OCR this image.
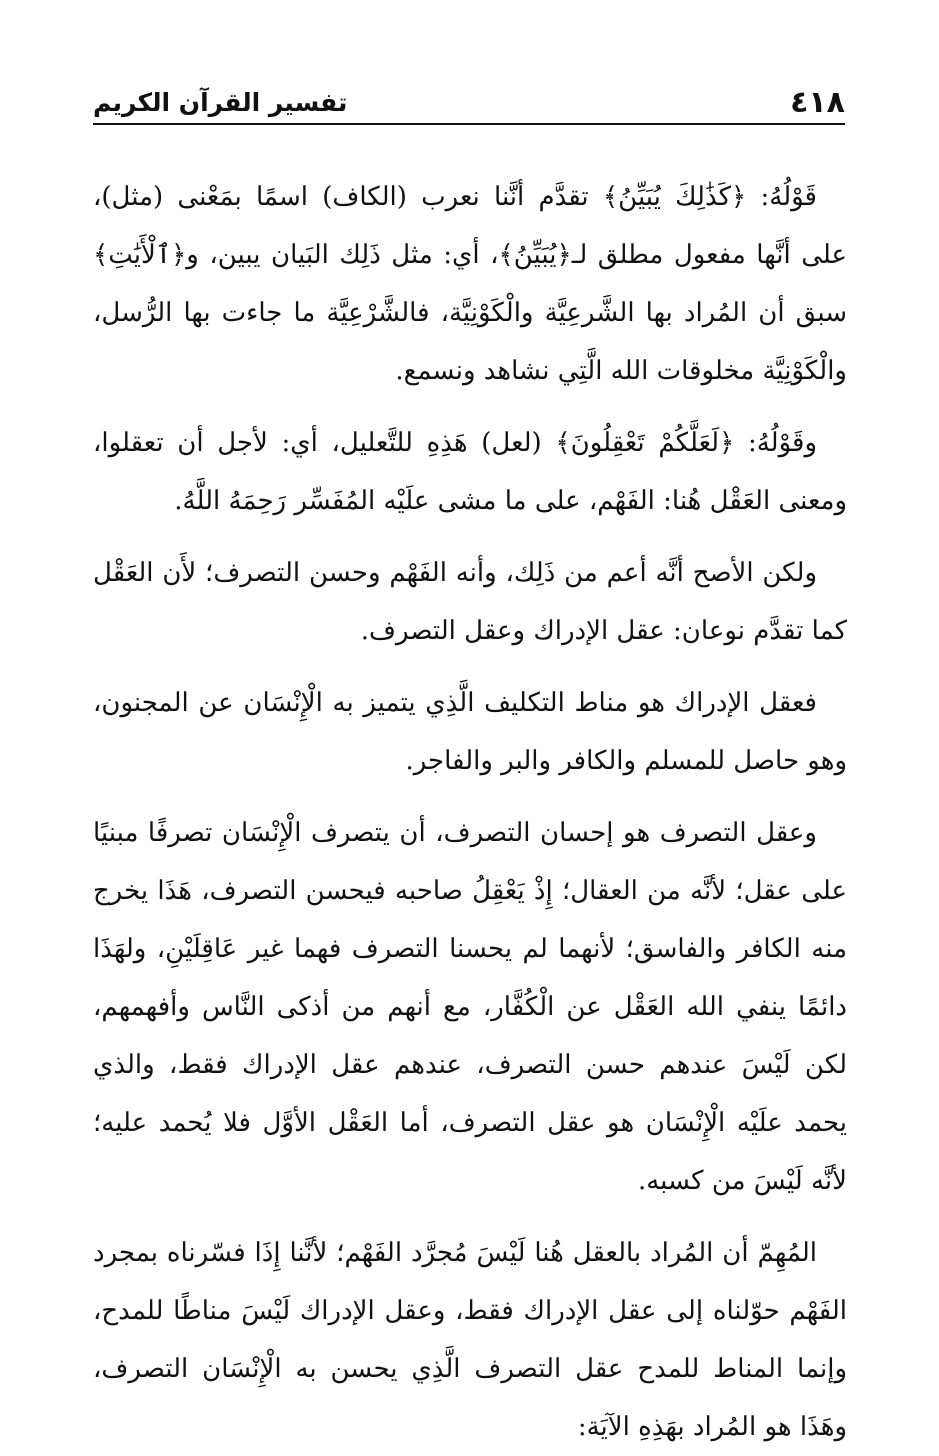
٤١٨
تفسير القرآن الكريم

قَوْلُهُ: ﴿كَذَٰلِكَ يُبَيِّنُ﴾ تقدَّم أنَّنا نعرب (الكاف) اسمًا بمَعْنى (مثل)، على أنَّها مفعول مطلق لـ﴿يُبَيِّنُ﴾، أي: مثل ذَلِك البَيان يبين، و﴿ٱلْأَيَٰتِ﴾ سبق أن المُراد بها الشَّرعِيَّة والْكَوْنِيَّة، فالشَّرْعِيَّة ما جاءت بها الرُّسل، والْكَوْنِيَّة مخلوقات الله الَّتِي نشاهد ونسمع.

وقَوْلُهُ: ﴿لَعَلَّكُمْ تَعْقِلُونَ﴾ (لعل) هَذِهِ للتَّعليل، أي: لأجل أن تعقلوا، ومعنى العَقْل هُنا: الفَهْم، على ما مشى علَيْه المُفَسِّر رَحِمَهُ اللَّهُ.

ولكن الأصح أنَّه أعم من ذَلِك، وأنه الفَهْم وحسن التصرف؛ لأَن العَقْل كما تقدَّم نوعان: عقل الإدراك وعقل التصرف.

فعقل الإدراك هو مناط التكليف الَّذِي يتميز به الْإِنْسَان عن المجنون، وهو حاصل للمسلم والكافر والبر والفاجر.

وعقل التصرف هو إحسان التصرف، أن يتصرف الْإِنْسَان تصرفًا مبنيًا على عقل؛ لأنَّه من العقال؛ إِذْ يَعْقِلُ صاحبه فيحسن التصرف، هَذَا يخرج منه الكافر والفاسق؛ لأنهما لم يحسنا التصرف فهما غير عَاقِلَيْنِ، ولهَذَا دائمًا ينفي الله العَقْل عن الْكُفَّار، مع أنهم من أذكى النَّاس وأفهمهم، لكن لَيْسَ عندهم حسن التصرف، عندهم عقل الإدراك فقط، والذي يحمد علَيْه الْإِنْسَان هو عقل التصرف، أما العَقْل الأوَّل فلا يُحمد عليه؛ لأنَّه لَيْسَ من كسبه.

المُهِمّ أن المُراد بالعقل هُنا لَيْسَ مُجرَّد الفَهْم؛ لأنَّنا إِذَا فسّرناه بمجرد الفَهْم حوّلناه إلى عقل الإدراك فقط، وعقل الإدراك لَيْسَ مناطًا للمدح، وإنما المناط للمدح عقل التصرف الَّذِي يحسن به الْإِنْسَان التصرف، وهَذَا هو المُراد بهَذِهِ الآيَة:
